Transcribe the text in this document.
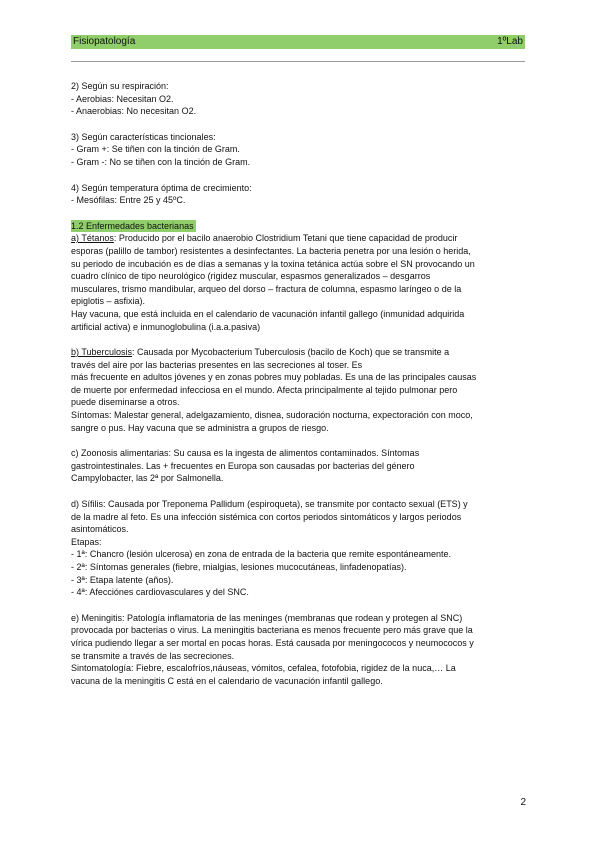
Fisiopatología	1ºLab
2) Según su respiración:
- Aerobias: Necesitan O2.
- Anaerobias: No necesitan O2.
3) Según características tincionales:
- Gram +: Se tiñen con la tinción de Gram.
- Gram -: No se tiñen con la tinción de Gram.
4) Según temperatura óptima de crecimiento:
- Mesófilas: Entre 25 y 45ºC.
1.2 Enfermedades bacterianas
a) Tétanos: Producido por el bacilo anaerobio Clostridium Tetani que tiene capacidad de producir
esporas (palillo de tambor) resistentes a desinfectantes. La bacteria penetra por una lesión o herida,
su periodo de incubación es de días a semanas y la toxina tetánica actúa sobre el SN provocando un
cuadro clínico de tipo neurológico (rigidez muscular, espasmos generalizados – desgarros
musculares, trismo mandibular, arqueo del dorso – fractura de columna, espasmo laríngeo o de la
epiglotis – asfixia).
Hay vacuna, que está incluida en el calendario de vacunación infantil gallego (inmunidad adquirida
artificial activa) e inmunoglobulina (i.a.a.pasiva)
b) Tuberculosis: Causada por Mycobacterium Tuberculosis (bacilo de Koch) que se transmite a
través del aire por las bacterias presentes en las secreciones al toser. Es
más frecuente en adultos jóvenes y en zonas pobres muy pobladas. Es una de las principales causas
de muerte por enfermedad infecciosa en el mundo. Afecta principalmente al tejido pulmonar pero
puede diseminarse a otros.
Síntomas: Malestar general, adelgazamiento, disnea, sudoración nocturna, expectoración con moco,
sangre o pus. Hay vacuna que se administra a grupos de riesgo.
c) Zoonosis alimentarias: Su causa es la ingesta de alimentos contaminados. Síntomas
gastrointestinales. Las + frecuentes en Europa son causadas por bacterias del género
Campylobacter, las 2ª por Salmonella.
d) Sífilis: Causada por Treponema Pallidum (espiroqueta), se transmite por contacto sexual (ETS) y
de la madre al feto. Es una infección sistémica con cortos periodos sintomáticos y largos periodos
asintomáticos.
Etapas:
- 1ª: Chancro (lesión ulcerosa) en zona de entrada de la bacteria que remite espontáneamente.
- 2ª: Síntomas generales (fiebre, mialgias, lesiones mucocutáneas, linfadenopatías).
- 3ª: Etapa latente (años).
- 4ª: Afecciónes cardiovasculares y del SNC.
e) Meningitis: Patología inflamatoria de las meninges (membranas que rodean y protegen al SNC)
provocada por bacterias o virus. La meningitis bacteriana es menos frecuente pero más grave que la
vírica pudiendo llegar a ser mortal en pocas horas. Está causada por meningococos y neumococos y
se transmite a través de las secreciones.
Sintomatología: Fiebre, escalofríos,náuseas, vómitos, cefalea, fotofobia, rigidez de la nuca,… La
vacuna de la meningitis C está en el calendario de vacunación infantil gallego.
2
